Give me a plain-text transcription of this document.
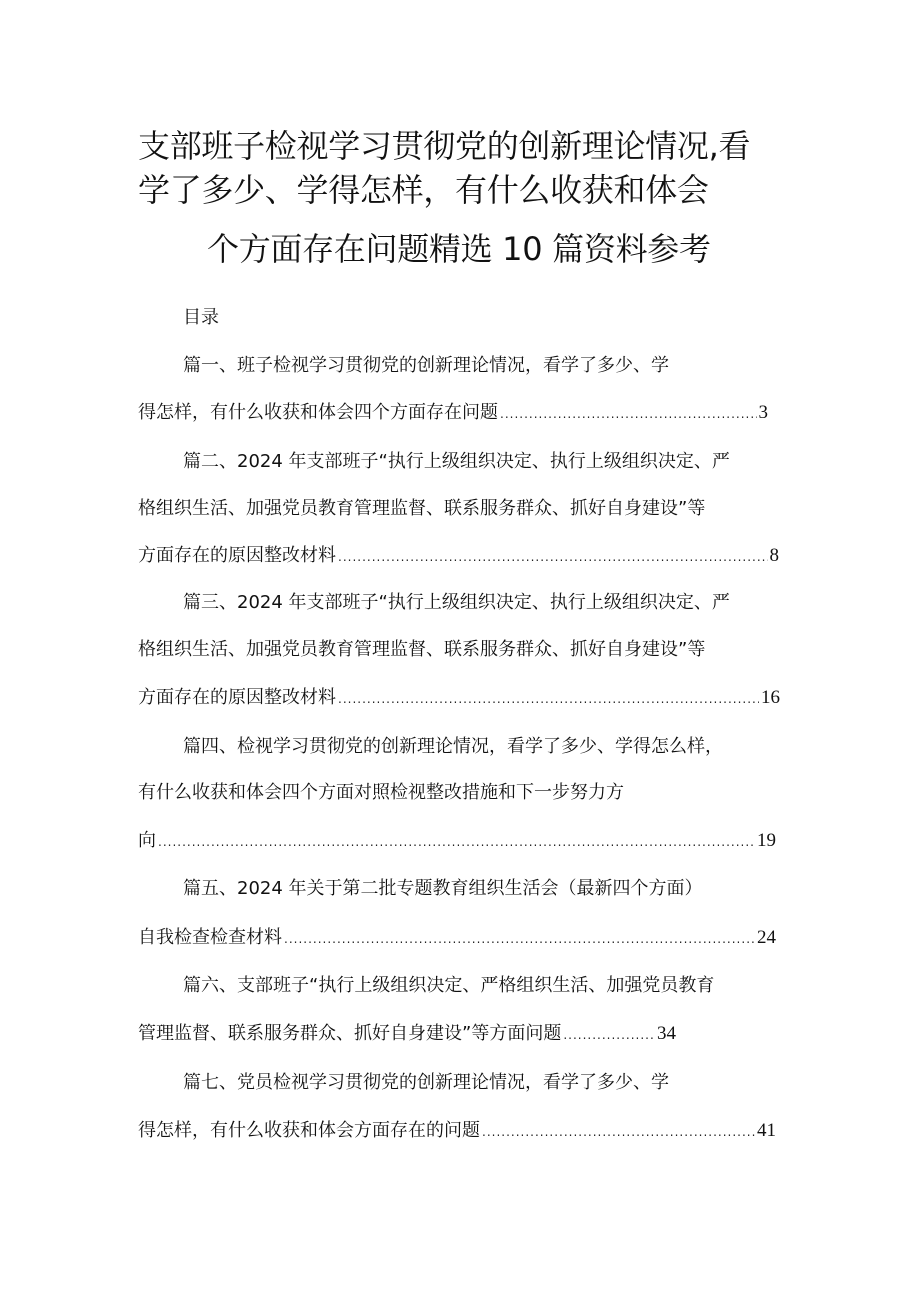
支部班子检视学习贯彻党的创新理论情况,看
学了多少、学得怎样，有什么收获和体会
个方面存在问题精选 10 篇资料参考
目录
篇一、班子检视学习贯彻党的创新理论情况，看学了多少、学
得怎样，有什么收获和体会四个方面存在问题 .....	3
篇二、2024 年支部班子“执行上级组织决定、执行上级组织决定、严
格组织生活、加强党员教育管理监督、联系服务群众、抓好自身建设”等
方面存在的原因整改材料 .....	8
篇三、2024 年支部班子“执行上级组织决定、执行上级组织决定、严
格组织生活、加强党员教育管理监督、联系服务群众、抓好自身建设”等
方面存在的原因整改材料 .....	16
篇四、检视学习贯彻党的创新理论情况，看学了多少、学得怎么样，
有什么收获和体会四个方面对照检视整改措施和下一步努力方
向 .....	19
篇五、2024 年关于第二批专题教育组织生活会（最新四个方面）
自我检查检查材料 .....	24
篇六、支部班子“执行上级组织决定、严格组织生活、加强党员教育
管理监督、联系服务群众、抓好自身建设”等方面问题 .....	34
篇七、党员检视学习贯彻党的创新理论情况，看学了多少、学
得怎样，有什么收获和体会方面存在的问题 .....	41
